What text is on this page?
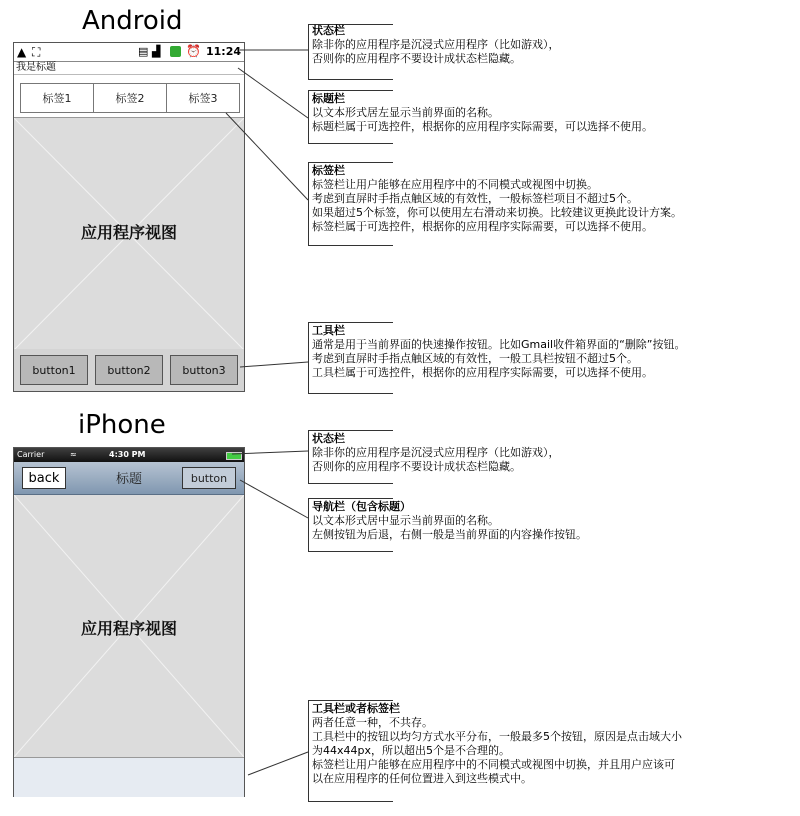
Android
iPhone
▲ ⛶	▤ ▟ ⏰ 11:24
我是标题
标签1	标签2	标签3
应用程序视图
button1	button2	button3
Carrier	≈	4:30 PM
back	标题	button
应用程序视图
状态栏
除非你的应用程序是沉浸式应用程序（比如游戏），
否则你的应用程序不要设计成状态栏隐藏。
标题栏
以文本形式居左显示当前界面的名称。
标题栏属于可选控件，根据你的应用程序实际需要，可以选择不使用。
标签栏
标签栏让用户能够在应用程序中的不同模式或视图中切换。
考虑到直屏时手指点触区域的有效性，一般标签栏项目不超过5个。
如果超过5个标签，你可以使用左右滑动来切换。比较建议更换此设计方案。
标签栏属于可选控件，根据你的应用程序实际需要，可以选择不使用。
工具栏
通常是用于当前界面的快速操作按钮。比如Gmail收件箱界面的“删除”按钮。
考虑到直屏时手指点触区域的有效性，一般工具栏按钮不超过5个。
工具栏属于可选控件，根据你的应用程序实际需要，可以选择不使用。
状态栏
除非你的应用程序是沉浸式应用程序（比如游戏），
否则你的应用程序不要设计成状态栏隐藏。
导航栏（包含标题）
以文本形式居中显示当前界面的名称。
左侧按钮为后退，右侧一般是当前界面的内容操作按钮。
工具栏或者标签栏
两者任意一种，不共存。
工具栏中的按钮以均匀方式水平分布，一般最多5个按钮，原因是点击域大小
为44x44px，所以超出5个是不合理的。
标签栏让用户能够在应用程序中的不同模式或视图中切换，并且用户应该可
以在应用程序的任何位置进入到这些模式中。
